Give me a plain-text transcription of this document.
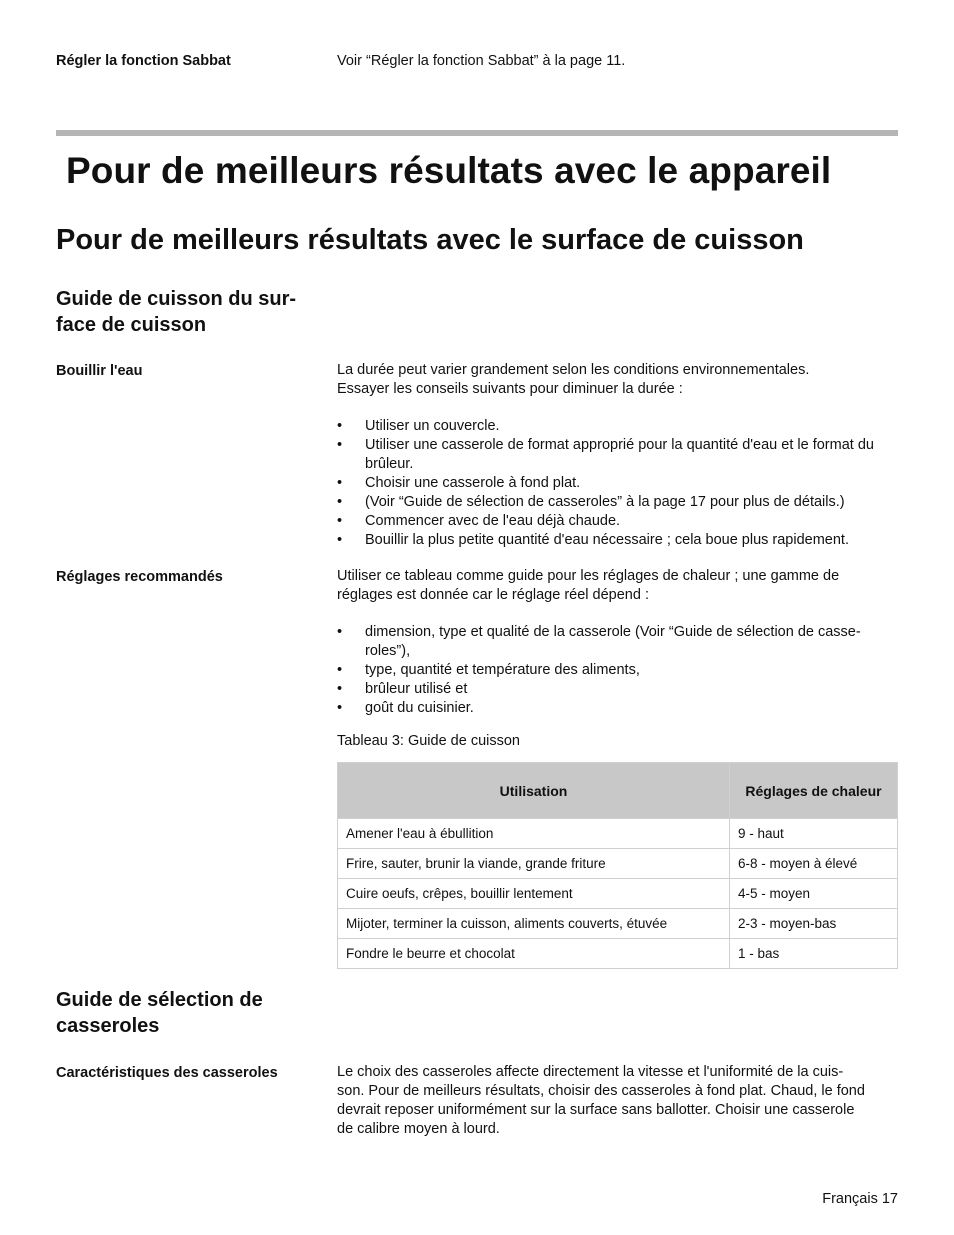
Régler la fonction Sabbat	Voir “Régler la fonction Sabbat” à la page 11.
Pour de meilleurs résultats avec le appareil
Pour de meilleurs résultats avec le surface de cuisson
Guide de cuisson du sur-
face de cuisson
Bouillir l'eau	La durée peut varier grandement selon les conditions environnementales.
Essayer les conseils suivants pour diminuer la durée :
• Utiliser un couvercle.
• Utiliser une casserole de format approprié pour la quantité d'eau et le format du brûleur.
• Choisir une casserole à fond plat.
• (Voir “Guide de sélection de casseroles” à la page 17 pour plus de détails.)
• Commencer avec de l'eau déjà chaude.
• Bouillir la plus petite quantité d'eau nécessaire ; cela boue plus rapidement.
Réglages recommandés	Utiliser ce tableau comme guide pour les réglages de chaleur ; une gamme de
réglages est donnée car le réglage réel dépend :
• dimension, type et qualité de la casserole (Voir “Guide de sélection de casse-roles”),
• type, quantité et température des aliments,
• brûleur utilisé et
• goût du cuisinier.
Tableau 3: Guide de cuisson
Utilisation	Réglages de chaleur
Amener l'eau à ébullition	9 - haut
Frire, sauter, brunir la viande, grande friture	6-8 - moyen à élevé
Cuire oeufs, crêpes, bouillir lentement	4-5 - moyen
Mijoter, terminer la cuisson, aliments couverts, étuvée	2-3 - moyen-bas
Fondre le beurre et chocolat	1 - bas
Guide de sélection de
casseroles
Caractéristiques des casseroles	Le choix des casseroles affecte directement la vitesse et l'uniformité de la cuis-
son. Pour de meilleurs résultats, choisir des casseroles à fond plat. Chaud, le fond
devrait reposer uniformément sur la surface sans ballotter. Choisir une casserole
de calibre moyen à lourd.
Français 17
